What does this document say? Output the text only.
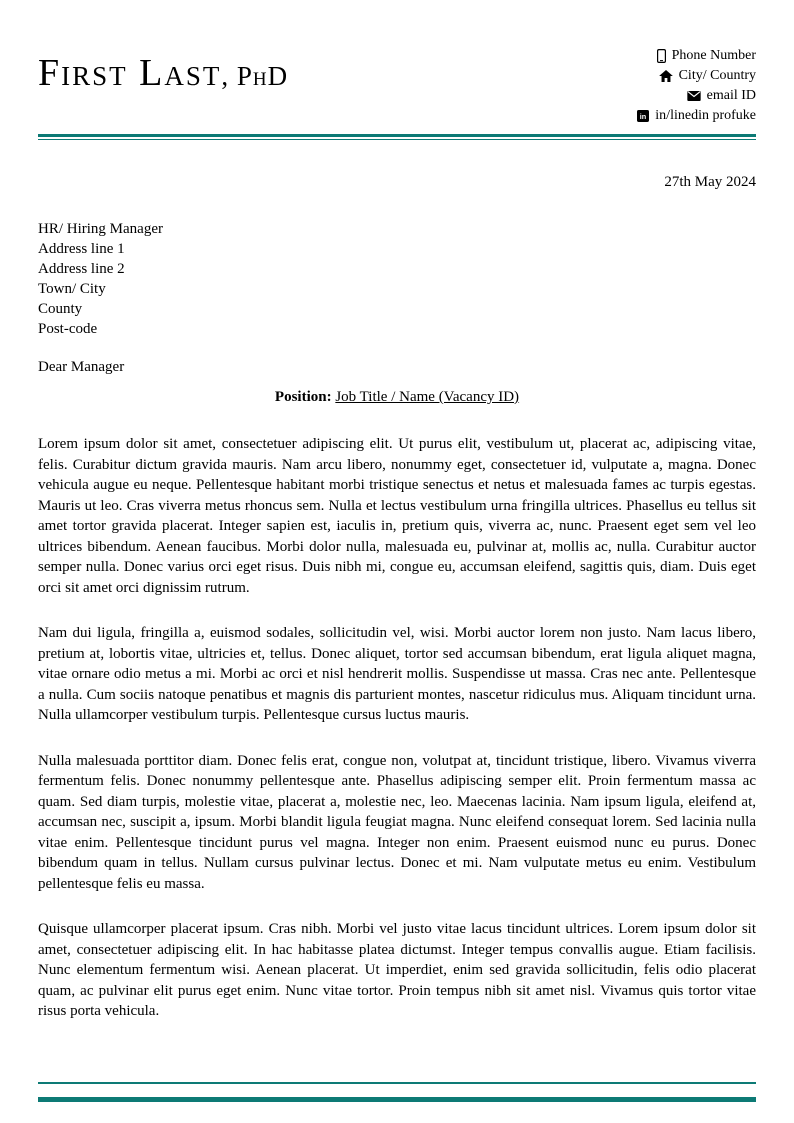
First Last, PhD
Phone Number
City/ Country
email ID
in in/linedin profuke
27th May 2024
HR/ Hiring Manager
Address line 1
Address line 2
Town/ City
County
Post-code
Dear Manager
Position: Job Title / Name (Vacancy ID)

Lorem ipsum dolor sit amet, consectetuer adipiscing elit. Ut purus elit, vestibulum ut, placerat ac, adipiscing vitae, felis. Curabitur dictum gravida mauris. Nam arcu libero, nonummy eget, consectetuer id, vulputate a, magna. Donec vehicula augue eu neque. Pellentesque habitant morbi tristique senectus et netus et malesuada fames ac turpis egestas. Mauris ut leo. Cras viverra metus rhoncus sem. Nulla et lectus vestibulum urna fringilla ultrices. Phasellus eu tellus sit amet tortor gravida placerat. Integer sapien est, iaculis in, pretium quis, viverra ac, nunc. Praesent eget sem vel leo ultrices bibendum. Aenean faucibus. Morbi dolor nulla, malesuada eu, pulvinar at, mollis ac, nulla. Curabitur auctor semper nulla. Donec varius orci eget risus. Duis nibh mi, congue eu, accumsan eleifend, sagittis quis, diam. Duis eget orci sit amet orci dignissim rutrum.

Nam dui ligula, fringilla a, euismod sodales, sollicitudin vel, wisi. Morbi auctor lorem non justo. Nam lacus libero, pretium at, lobortis vitae, ultricies et, tellus. Donec aliquet, tortor sed accumsan bibendum, erat ligula aliquet magna, vitae ornare odio metus a mi. Morbi ac orci et nisl hendrerit mollis. Suspendisse ut massa. Cras nec ante. Pellentesque a nulla. Cum sociis natoque penatibus et magnis dis parturient montes, nascetur ridiculus mus. Aliquam tincidunt urna. Nulla ullamcorper vestibulum turpis. Pellentesque cursus luctus mauris.

Nulla malesuada porttitor diam. Donec felis erat, congue non, volutpat at, tincidunt tristique, libero. Vivamus viverra fermentum felis. Donec nonummy pellentesque ante. Phasellus adipiscing semper elit. Proin fermentum massa ac quam. Sed diam turpis, molestie vitae, placerat a, molestie nec, leo. Maecenas lacinia. Nam ipsum ligula, eleifend at, accumsan nec, suscipit a, ipsum. Morbi blandit ligula feugiat magna. Nunc eleifend consequat lorem. Sed lacinia nulla vitae enim. Pellentesque tincidunt purus vel magna. Integer non enim. Praesent euismod nunc eu purus. Donec bibendum quam in tellus. Nullam cursus pulvinar lectus. Donec et mi. Nam vulputate metus eu enim. Vestibulum pellentesque felis eu massa.

Quisque ullamcorper placerat ipsum. Cras nibh. Morbi vel justo vitae lacus tincidunt ultrices. Lorem ipsum dolor sit amet, consectetuer adipiscing elit. In hac habitasse platea dictumst. Integer tempus convallis augue. Etiam facilisis. Nunc elementum fermentum wisi. Aenean placerat. Ut imperdiet, enim sed gravida sollicitudin, felis odio placerat quam, ac pulvinar elit purus eget enim. Nunc vitae tortor. Proin tempus nibh sit amet nisl. Vivamus quis tortor vitae risus porta vehicula.
